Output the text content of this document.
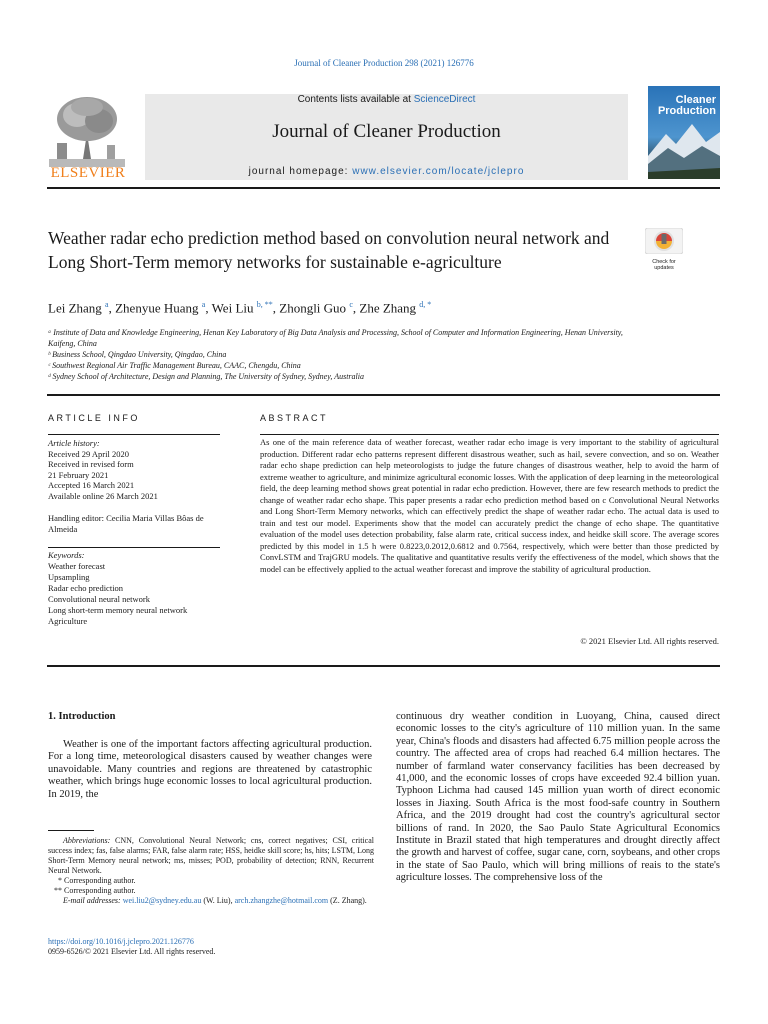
Journal of Cleaner Production 298 (2021) 126776
ELSEVIER
Contents lists available at ScienceDirect
Journal of Cleaner Production
journal homepage: www.elsevier.com/locate/jclepro
Cleaner
Production
Weather radar echo prediction method based on convolution neural network and Long Short-Term memory networks for sustainable e-agriculture	Check for
updates
Lei Zhang $^a$, Zhenyue Huang $^a$, Wei Liu $^{b, **}$, Zhongli Guo $^c$, Zhe Zhang $^{d, *}$
ᵃ Institute of Data and Knowledge Engineering, Henan Key Laboratory of Big Data Analysis and Processing, School of Computer and Information Engineering, Henan University, Kaifeng, China
ᵇ Business School, Qingdao University, Qingdao, China
ᶜ Southwest Regional Air Traffic Management Bureau, CAAC, Chengdu, China
ᵈ Sydney School of Architecture, Design and Planning, The University of Sydney, Sydney, Australia
ARTICLE INFO
Article history:
Received 29 April 2020
Received in revised form
21 February 2021
Accepted 16 March 2021
Available online 26 March 2021
Handling editor: Cecilia Maria Villas Bôas de Almeida
Keywords:
Weather forecast
Upsampling
Radar echo prediction
Convolutional neural network
Long short-term memory neural network
Agriculture
ABSTRACT
As one of the main reference data of weather forecast, weather radar echo image is very important to the stability of agricultural production. Different radar echo patterns represent different disastrous weather, such as hail, severe convection, and so on. Weather radar echo shape prediction can help meteorologists to judge the future changes of disastrous weather, help to avoid the harm of extreme weather to agriculture, and minimize agricultural economic losses. With the application of deep learning in the meteorological field, the deep learning method shows great potential in radar echo prediction. However, there are few research methods to predict the change of weather radar echo shape. This paper presents a radar echo prediction method based on c Convolutional Neural Networks and Long Short-Term Memory networks, which can effectively predict the shape of weather radar echo. The actual data is used to train and test our model. Experiments show that the model can accurately predict the change of echo shape. The quantitative evaluation of the model uses detection probability, false alarm rate, critical success index, and heidke skill score. The average scores predicted by this model in 1.5 h were 0.8223,0.2012,0.6812 and 0.7564, respectively, which were better than those predicted by ConvLSTM and TrajGRU models. The qualitative and quantitative results verify the effectiveness of the model, which shows that the model can be effectively applied to the actual weather forecast and improve the stability of agricultural production.
© 2021 Elsevier Ltd. All rights reserved.
1. Introduction
Weather is one of the important factors affecting agricultural production. For a long time, meteorological disasters caused by weather changes were unavoidable. Many countries and regions are threatened by catastrophic weather, which brings huge economic losses to local agricultural production. In 2019, the
continuous dry weather condition in Luoyang, China, caused direct economic losses to the city's agriculture of 110 million yuan. In the same year, China's floods and disasters had affected 6.75 million people across the country. The affected area of crops had reached 6.4 million hectares. The number of farmland water conservancy facilities has been decreased by 41,000, and the economic losses of crops have exceeded 92.4 billion yuan. Typhoon Lichma had caused 145 million yuan worth of direct economic losses in Jiaxing. South Africa is the most food-safe country in Southern Africa, and the 2019 drought had cost the country's agricultural sector billions of rand. In 2020, the Sao Paulo State Agricultural Economics Institute in Brazil stated that high temperatures and drought directly affect the growth and harvest of coffee, sugar cane, corn, soybeans, and other crops in the state of Sao Paulo, which will bring millions of reais to the state's agriculture losses. The comprehensive loss of the
Abbreviations: CNN, Convolutional Neural Network; cns, correct negatives; CSI, critical success index; fas, false alarms; FAR, false alarm rate; HSS, heidke skill score; hs, hits; LSTM, Long Short-Term Memory neural network; ms, misses; POD, probability of detection; RNN, Recurrent Neural Network.
* Corresponding author.
** Corresponding author.
E-mail addresses: wei.liu2@sydney.edu.au (W. Liu), arch.zhangzhe@hotmail.com (Z. Zhang).
https://doi.org/10.1016/j.jclepro.2021.126776
0959-6526/© 2021 Elsevier Ltd. All rights reserved.
